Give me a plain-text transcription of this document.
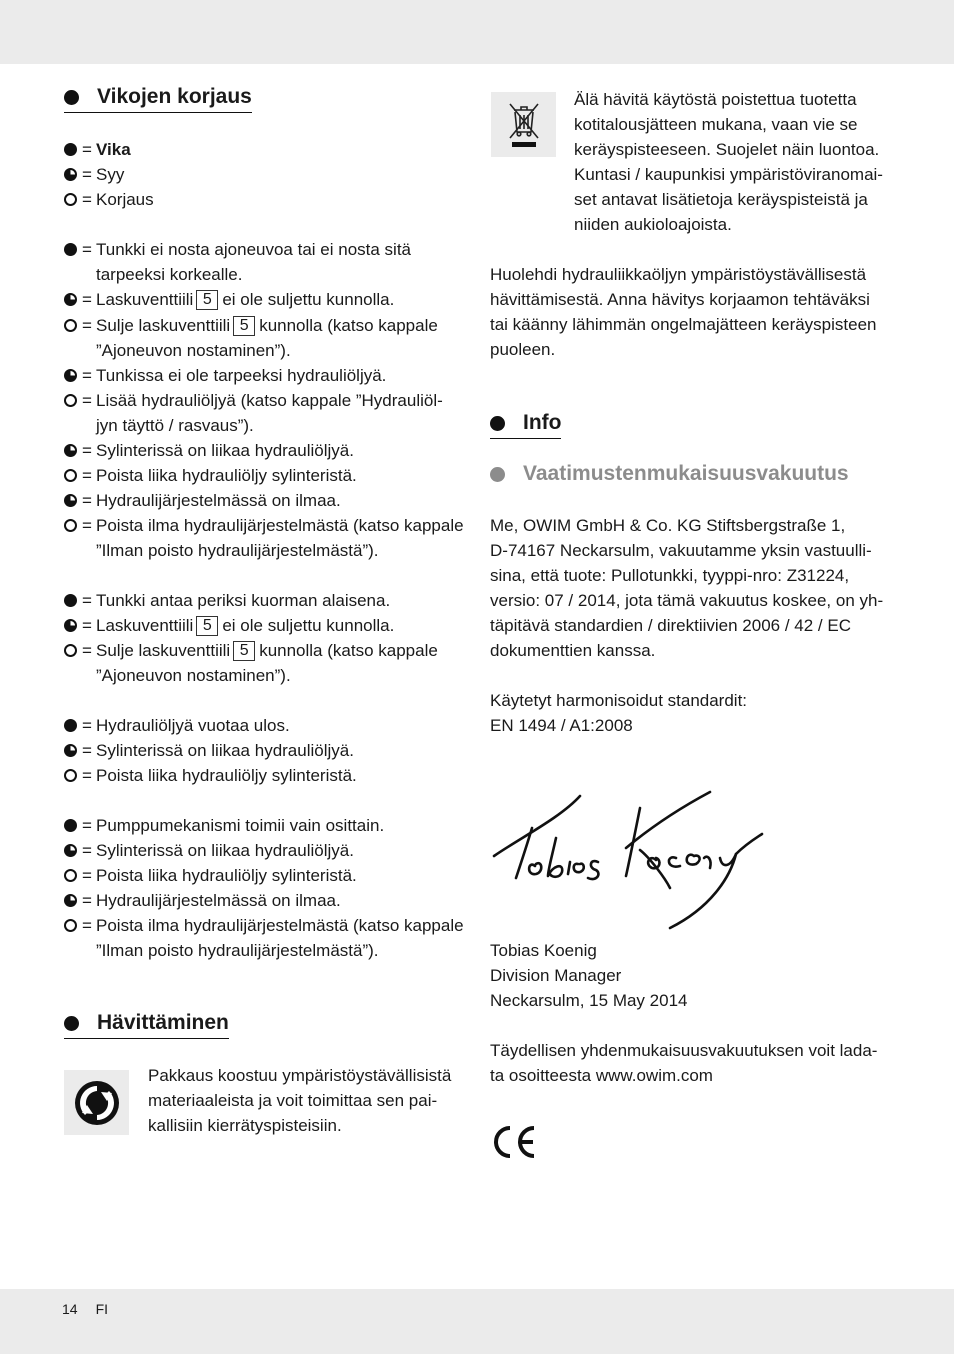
Vikojen korjaus
= Vika
= Syy
= Korjaus
= Tunkki ei nosta ajoneuvoa tai ei nosta sitä
tarpeeksi korkealle.
= Laskuventtiili 5 ei ole suljettu kunnolla.
= Sulje laskuventtiili 5 kunnolla (katso kappale
”Ajoneuvon nostaminen”).
= Tunkissa ei ole tarpeeksi hydrauliöljyä.
= Lisää hydrauliöljyä (katso kappale ”Hydrauliöl-
jyn täyttö / rasvaus”).
= Sylinterissä on liikaa hydrauliöljyä.
= Poista liika hydrauliöljy sylinteristä.
= Hydraulijärjestelmässä on ilmaa.
= Poista ilma hydraulijärjestelmästä (katso kappale
”Ilman poisto hydraulijärjestelmästä”).
= Tunkki antaa periksi kuorman alaisena.
= Laskuventtiili 5 ei ole suljettu kunnolla.
= Sulje laskuventtiili 5 kunnolla (katso kappale
”Ajoneuvon nostaminen”).
= Hydrauliöljyä vuotaa ulos.
= Sylinterissä on liikaa hydrauliöljyä.
= Poista liika hydrauliöljy sylinteristä.
= Pumppumekanismi toimii vain osittain.
= Sylinterissä on liikaa hydrauliöljyä.
= Poista liika hydrauliöljy sylinteristä.
= Hydraulijärjestelmässä on ilmaa.
= Poista ilma hydraulijärjestelmästä (katso kappale
”Ilman poisto hydraulijärjestelmästä”).
Hävittäminen
Pakkaus koostuu ympäristöystävällisistä
materiaaleista ja voit toimittaa sen pai-
kallisiin kierrätyspisteisiin.
Älä hävitä käytöstä poistettua tuotetta
kotitalousjätteen mukana, vaan vie se
keräyspisteeseen. Suojelet näin luontoa.
Kuntasi / kaupunkisi ympäristöviranomai-
set antavat lisätietoja keräyspisteistä ja
niiden aukioloajoista.
Huolehdi hydrauliikkaöljyn ympäristöystävällisestä
hävittämisestä. Anna hävitys korjaamon tehtäväksi
tai käänny lähimmän ongelmajätteen keräyspisteen
puoleen.
Info
Vaatimustenmukaisuusvakuutus
Me, OWIM GmbH & Co. KG Stiftsbergstraße 1,
D-74167 Neckarsulm, vakuutamme yksin vastuulli-
sina, että tuote: Pullotunkki, tyyppi-nro: Z31224,
versio: 07 / 2014, jota tämä vakuutus koskee, on yh-
täpitävä standardien / direktiivien 2006 / 42 / EC
dokumenttien kanssa.
Käytetyt harmonisoidut standardit:
EN 1494 / A1:2008
Tobias Koenig
Division Manager
Neckarsulm, 15 May 2014
Täydellisen yhdenmukaisuusvakuutuksen voit lada-
ta osoitteesta www.owim.com
14 FI
